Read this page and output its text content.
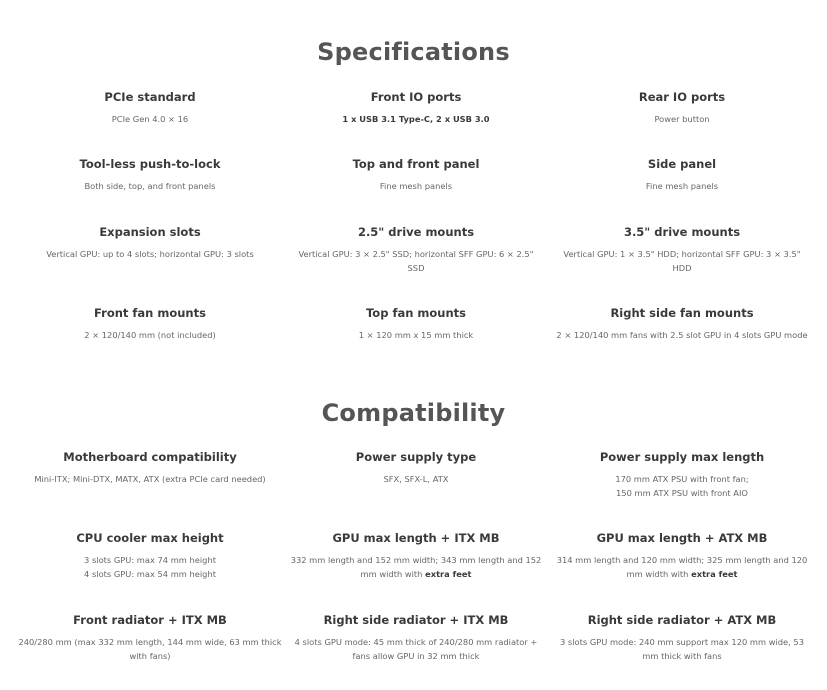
Specifications
PCIe standard

PCIe Gen 4.0 × 16

Front IO ports

1 x USB 3.1 Type-C, 2 x USB 3.0

Rear IO ports

Power button

Tool-less push-to-lock

Both side, top, and front panels

Top and front panel

Fine mesh panels

Side panel

Fine mesh panels

Expansion slots

Vertical GPU: up to 4 slots; horizontal GPU: 3 slots

2.5" drive mounts

Vertical GPU: 3 × 2.5" SSD; horizontal SFF GPU: 6 × 2.5" SSD

3.5" drive mounts

Vertical GPU: 1 × 3.5" HDD; horizontal SFF GPU: 3 × 3.5" HDD

Front fan mounts

2 × 120/140 mm (not included)

Top fan mounts

1 × 120 mm x 15 mm thick

Right side fan mounts

2 × 120/140 mm fans with 2.5 slot GPU in 4 slots GPU mode

Compatibility
Motherboard compatibility

Mini-ITX; Mini-DTX, MATX, ATX (extra PCIe card needed)

Power supply type

SFX, SFX-L, ATX

Power supply max length

170 mm ATX PSU with front fan;
150 mm ATX PSU with front AIO

CPU cooler max height

3 slots GPU: max 74 mm height
4 slots GPU: max 54 mm height

GPU max length + ITX MB

332 mm length and 152 mm width; 343 mm length and 152 mm width with extra feet

GPU max length + ATX MB

314 mm length and 120 mm width; 325 mm length and 120 mm width with extra feet

Front radiator + ITX MB

240/280 mm (max 332 mm length, 144 mm wide, 63 mm thick with fans)

Right side radiator + ITX MB

4 slots GPU mode: 45 mm thick of 240/280 mm radiator + fans allow GPU in 32 mm thick

Right side radiator + ATX MB

3 slots GPU mode: 240 mm support max 120 mm wide, 53 mm thick with fans
